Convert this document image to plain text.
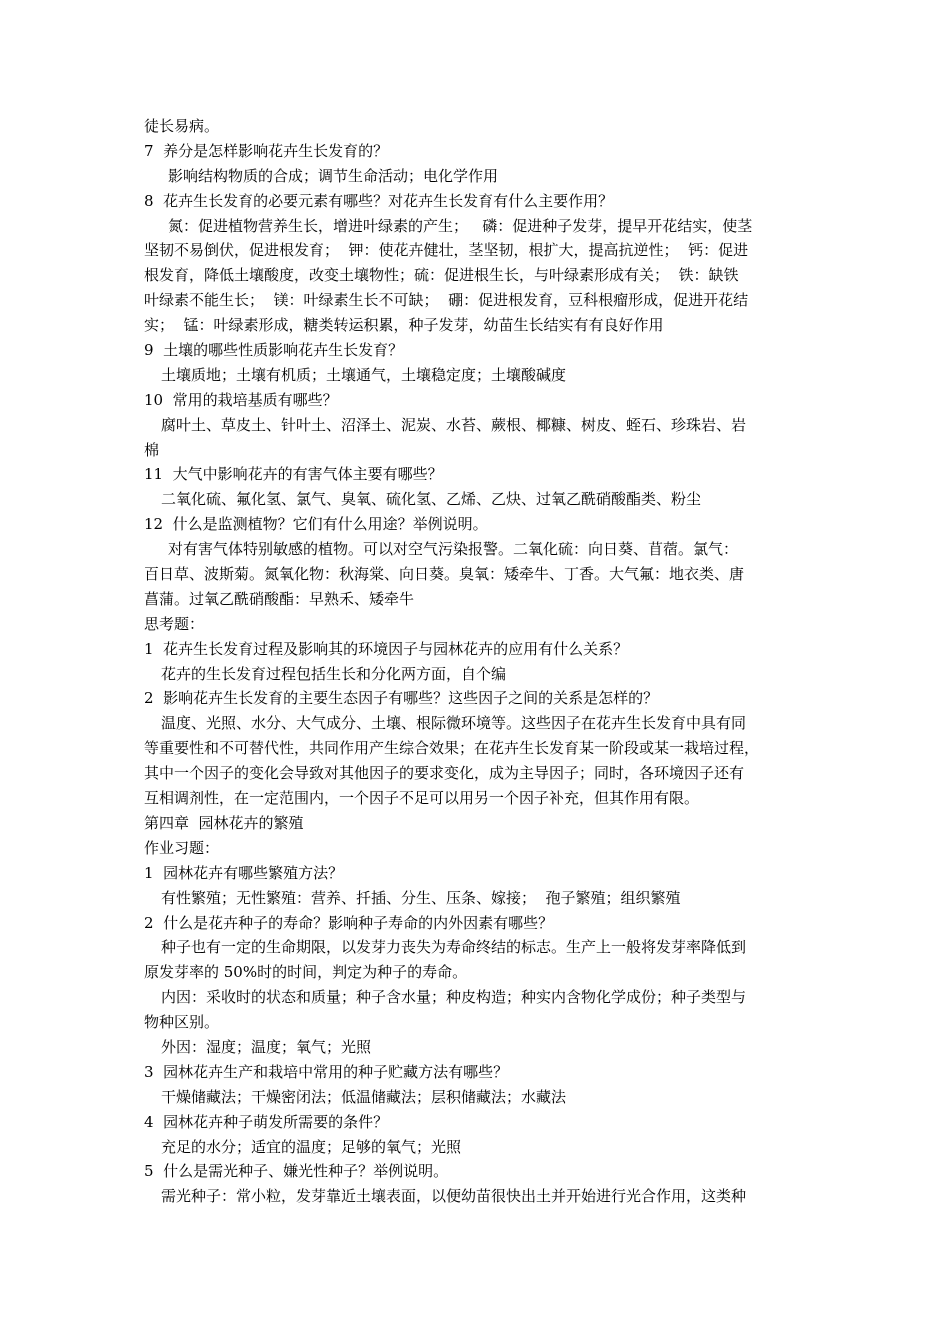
徒长易病。
7  养分是怎样影响花卉生长发育的？
影响结构物质的合成；调节生命活动；电化学作用
8  花卉生长发育的必要元素有哪些？对花卉生长发育有什么主要作用？
氮：促进植物营养生长，增进叶绿素的产生；   磷：促进种子发芽，提早开花结实，使茎
坚韧不易倒伏，促进根发育；  钾：使花卉健壮，茎坚韧，根扩大，提高抗逆性；  钙：促进
根发育，降低土壤酸度，改变土壤物性；硫：促进根生长，与叶绿素形成有关；  铁：缺铁
叶绿素不能生长；  镁：叶绿素生长不可缺；  硼：促进根发育，豆科根瘤形成，促进开花结
实；  锰：叶绿素形成，糖类转运积累，种子发芽，幼苗生长结实有有良好作用
9  土壤的哪些性质影响花卉生长发育？
土壤质地；土壤有机质；土壤通气，土壤稳定度；土壤酸碱度
10  常用的栽培基质有哪些？
腐叶土、草皮土、针叶土、沼泽土、泥炭、水苔、蕨根、椰糠、树皮、蛭石、珍珠岩、岩
棉
11  大气中影响花卉的有害气体主要有哪些？
二氧化硫、氟化氢、氯气、臭氧、硫化氢、乙烯、乙炔、过氧乙酰硝酸酯类、粉尘
12  什么是监测植物？它们有什么用途？举例说明。
对有害气体特别敏感的植物。可以对空气污染报警。二氧化硫：向日葵、苜蓿。氯气：
百日草、波斯菊。氮氧化物：秋海棠、向日葵。臭氧：矮牵牛、丁香。大气氟：地衣类、唐
菖蒲。过氧乙酰硝酸酯：早熟禾、矮牵牛
思考题：
1  花卉生长发育过程及影响其的环境因子与园林花卉的应用有什么关系？
花卉的生长发育过程包括生长和分化两方面，自个编
2  影响花卉生长发育的主要生态因子有哪些？这些因子之间的关系是怎样的？
温度、光照、水分、大气成分、土壤、根际微环境等。这些因子在花卉生长发育中具有同
等重要性和不可替代性，共同作用产生综合效果；在花卉生长发育某一阶段或某一栽培过程，
其中一个因子的变化会导致对其他因子的要求变化，成为主导因子；同时，各环境因子还有
互相调剂性，在一定范围内，一个因子不足可以用另一个因子补充，但其作用有限。
第四章  园林花卉的繁殖
作业习题：
1  园林花卉有哪些繁殖方法？
有性繁殖；无性繁殖：营养、扦插、分生、压条、嫁接；  孢子繁殖；组织繁殖
2  什么是花卉种子的寿命？影响种子寿命的内外因素有哪些？
种子也有一定的生命期限，以发芽力丧失为寿命终结的标志。生产上一般将发芽率降低到
原发芽率的 50%时的时间，判定为种子的寿命。
内因：采收时的状态和质量；种子含水量；种皮构造；种实内含物化学成份；种子类型与
物种区别。
外因：湿度；温度；氧气；光照
3  园林花卉生产和栽培中常用的种子贮藏方法有哪些？
干燥储藏法；干燥密闭法；低温储藏法；层积储藏法；水藏法
4  园林花卉种子萌发所需要的条件？
充足的水分；适宜的温度；足够的氧气；光照
5  什么是需光种子、嫌光性种子？举例说明。
需光种子：常小粒，发芽靠近土壤表面，以便幼苗很快出土并开始进行光合作用，这类种
